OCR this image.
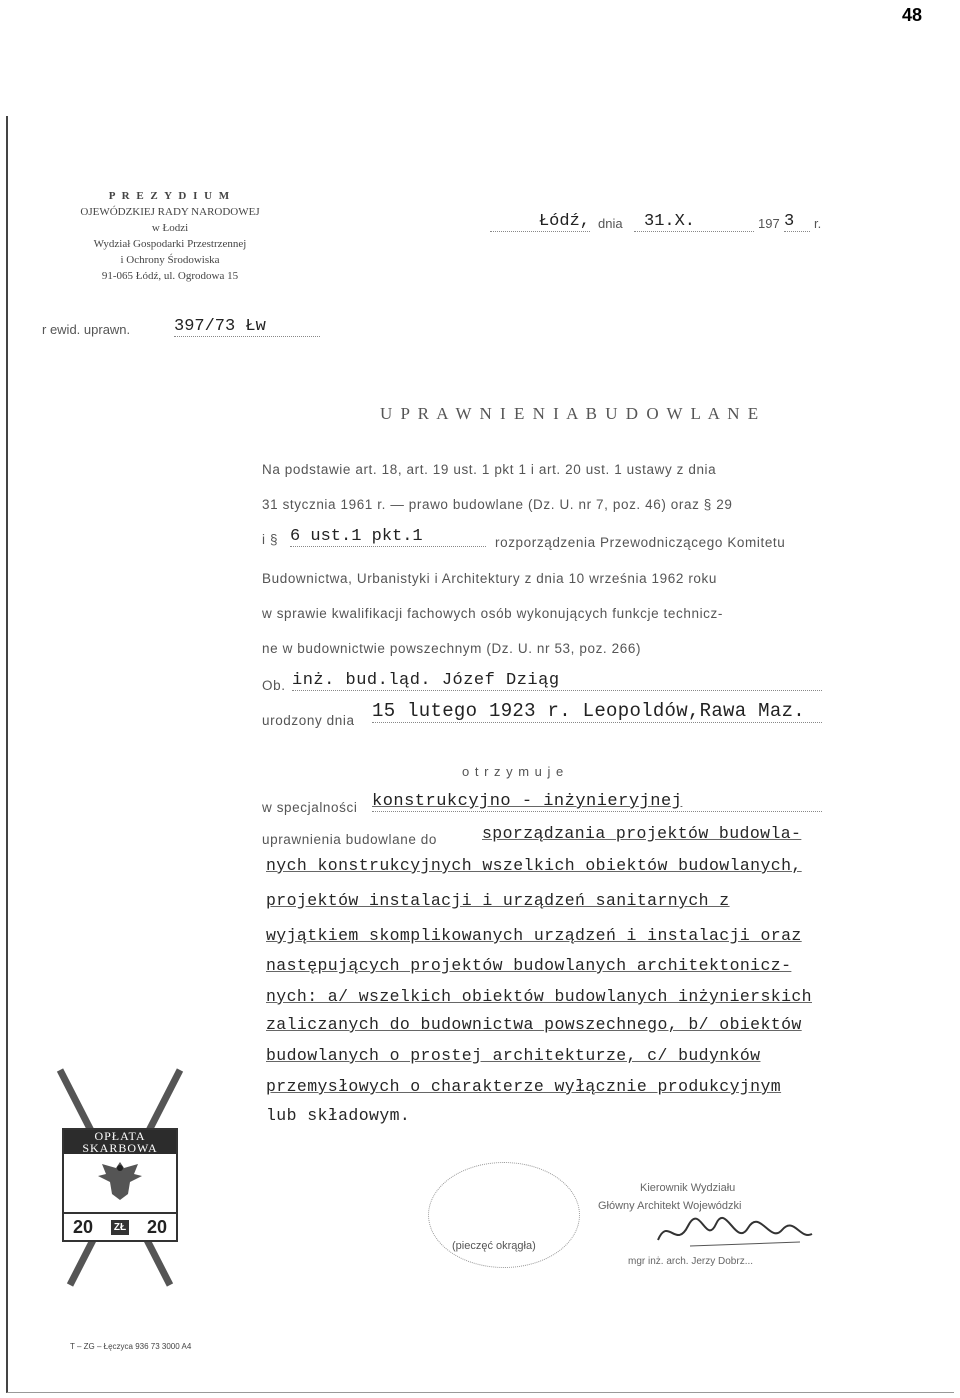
48
P R E Z Y D I U M
OJEWÓDZKIEJ RADY NARODOWEJ
w Łodzi
Wydział Gospodarki Przestrzennej
i Ochrony Środowiska
91-065 Łódź, ul. Ogrodowa 15
r ewid. uprawn.	397/73 Łw
Łódź, dnia	31.X.	197 3	r.
U P R A W N I E N I A B U D O W L A N E
Na podstawie art. 18, art. 19 ust. 1 pkt 1 i art. 20 ust. 1 ustawy z dnia
31 stycznia 1961 r. — prawo budowlane (Dz. U. nr 7, poz. 46) oraz § 29
i § 6 ust.1 pkt.1	rozporządzenia Przewodniczącego Komitetu
Budownictwa, Urbanistyki i Architektury z dnia 10 września 1962 roku
w sprawie kwalifikacji fachowych osób wykonujących funkcje technicz-
ne w budownictwie powszechnym (Dz. U. nr 53, poz. 266)
Ob. inż. bud.ląd. Józef Dziąg
urodzony dnia 15 lutego 1923 r. Leopoldów,Rawa Maz.
o t r z y m u j e
w specjalności konstrukcyjno - inżynieryjnej
uprawnienia budowlane do	sporządzania projektów budowla-
nych konstrukcyjnych wszelkich obiektów budowlanych,
projektów instalacji i urządzeń sanitarnych z
wyjątkiem skomplikowanych urządzeń i instalacji oraz
następujących projektów budowlanych architektonicz-
nych: a/ wszelkich obiektów budowlanych inżynierskich
zaliczanych do budownictwa powszechnego, b/ obiektów
budowlanych o prostej architekturze, c/ budynków
przemysłowych o charakterze wyłącznie produkcyjnym
lub składowym.
OPŁATA
SKARBOWA
20	ZŁ 20
(pieczęć okrągła)
Kierownik Wydziału
Główny Architekt Wojewódzki
mgr inż. arch. Jerzy Dobrz...
T – ZG – Łęczyca 936 73 3000 A4
